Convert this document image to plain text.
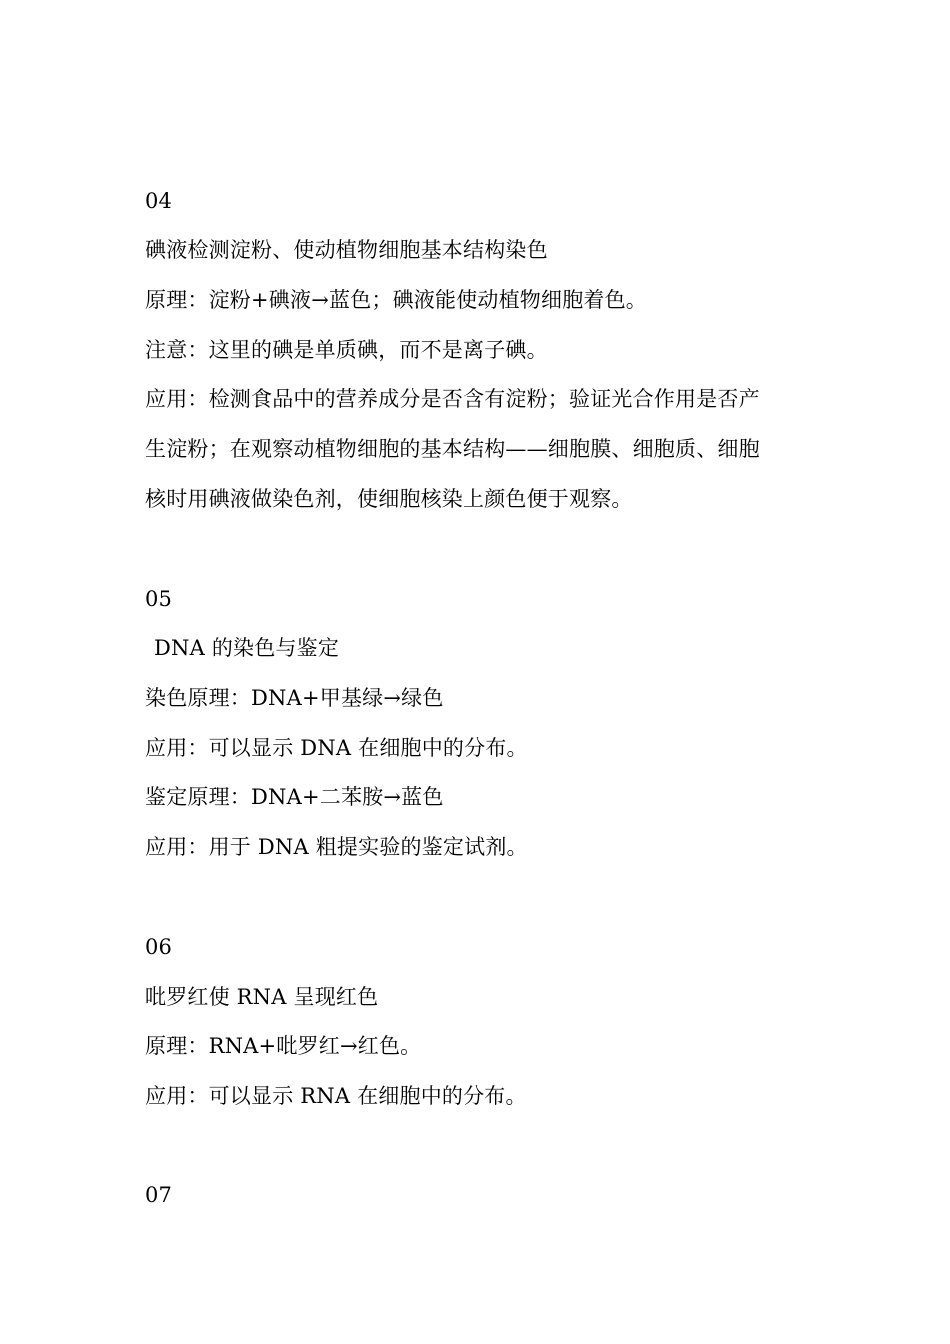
04
碘液检测淀粉、使动植物细胞基本结构染色
原理：淀粉+碘液→蓝色；碘液能使动植物细胞着色。
注意：这里的碘是单质碘，而不是离子碘。
应用：检测食品中的营养成分是否含有淀粉；验证光合作用是否产
生淀粉；在观察动植物细胞的基本结构——细胞膜、细胞质、细胞
核时用碘液做染色剂，使细胞核染上颜色便于观察。
05
DNA 的染色与鉴定
染色原理：DNA+甲基绿→绿色
应用：可以显示 DNA 在细胞中的分布。
鉴定原理：DNA+二苯胺→蓝色
应用：用于 DNA 粗提实验的鉴定试剂。
06
吡罗红使 RNA 呈现红色
原理：RNA+吡罗红→红色。
应用：可以显示 RNA 在细胞中的分布。
07
